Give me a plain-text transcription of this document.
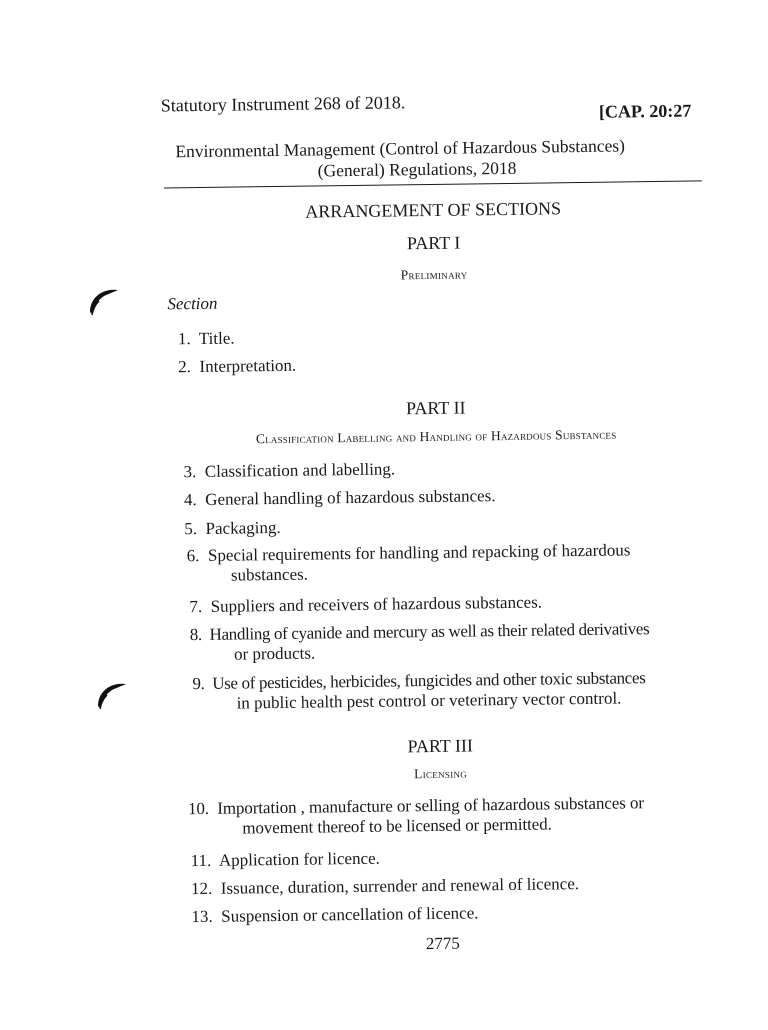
Statutory Instrument 268 of 2018.	[CAP. 20:27
Environmental Management (Control of Hazardous Substances)
(General) Regulations, 2018
ARRANGEMENT OF SECTIONS
PART I
Preliminary
Section
1.  Title.
2.  Interpretation.
PART II
Classification Labelling and Handling of Hazardous Substances
3.  Classification and labelling.
4.  General handling of hazardous substances.
5.  Packaging.
6.  Special requirements for handling and repacking of hazardous
substances.
7.  Suppliers and receivers of hazardous substances.
8.  Handling of cyanide and mercury as well as their related derivatives
or products.
9.  Use of pesticides, herbicides, fungicides and other toxic substances
in public health pest control or veterinary vector control.
PART III
Licensing
10.  Importation , manufacture or selling of hazardous substances or
movement thereof to be licensed or permitted.
11.  Application for licence.
12.  Issuance, duration, surrender and renewal of licence.
13.  Suspension or cancellation of licence.
2775
